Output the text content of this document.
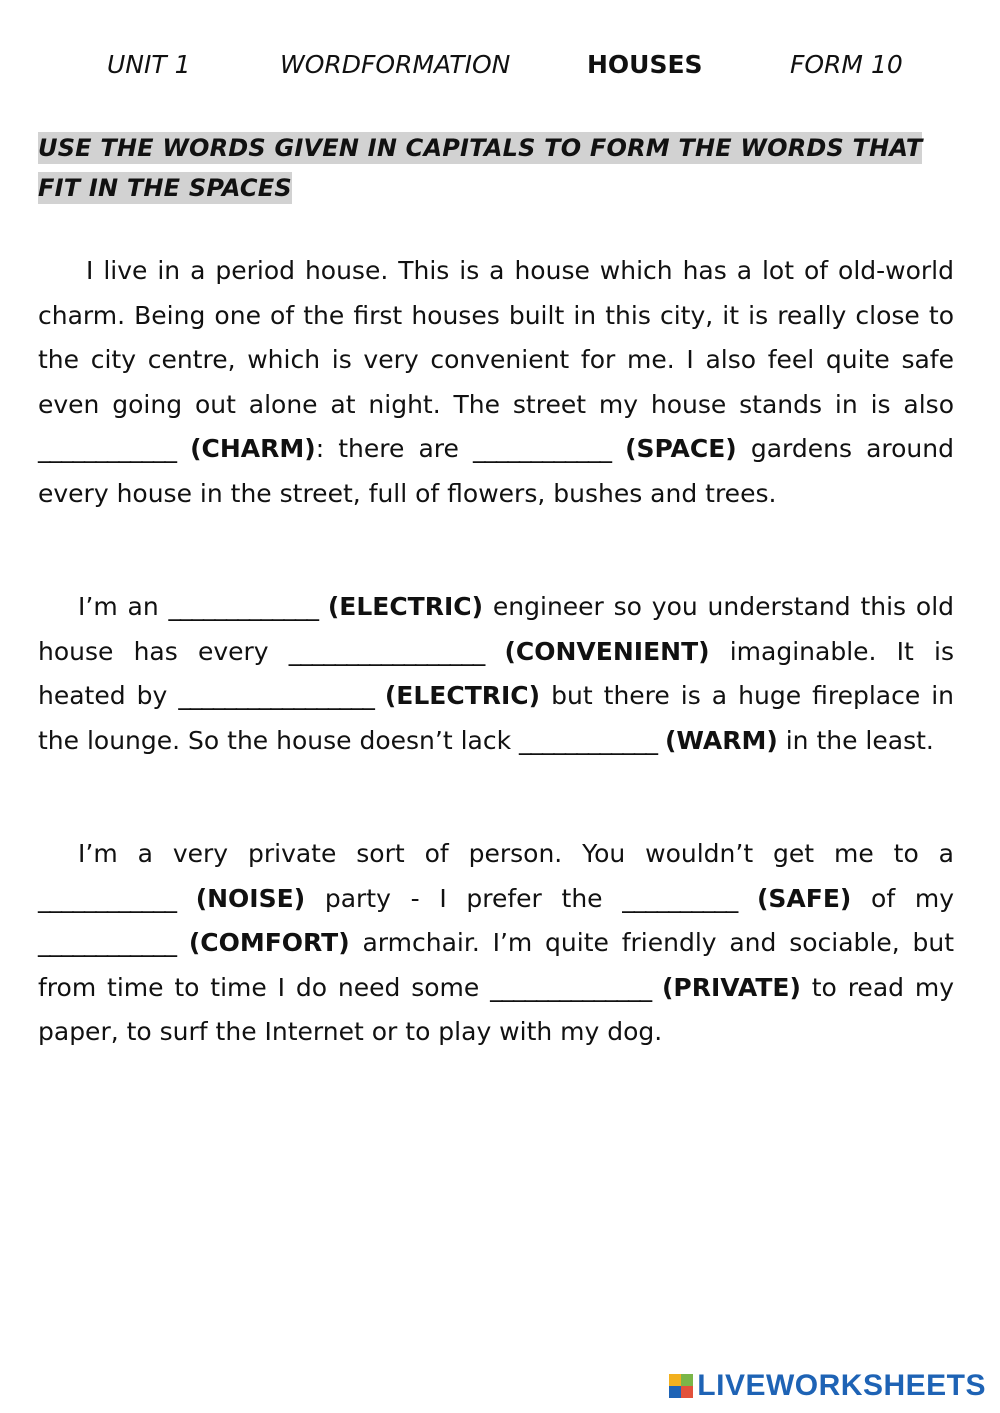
UNIT 1	WORDFORMATION	HOUSES	FORM 10
USE THE WORDS GIVEN IN CAPITALS TO FORM THE WORDS THAT
FIT IN THE SPACES

I live in a period house. This is a house which has a lot of old-world charm. Being one of the first houses built in this city, it is really close to the city centre, which is very convenient for me. I also feel quite safe even going out alone at night. The street my house stands in is also ____________ (CHARM): there are ____________ (SPACE) gardens around every house in the street, full of flowers, bushes and trees.

I’m an _____________ (ELECTRIC) engineer so you understand this old house has every _________________ (CONVENIENT) imaginable. It is heated by _________________ (ELECTRIC) but there is a huge fireplace in the lounge. So the house doesn’t lack ____________ (WARM) in the least.

I’m a very private sort of person. You wouldn’t get me to a ____________ (NOISE) party - I prefer the __________ (SAFE) of my ____________ (COMFORT) armchair. I’m quite friendly and sociable, but from time to time I do need some ______________ (PRIVATE) to read my paper, to surf the Internet or to play with my dog.

LIVEWORKSHEETS
